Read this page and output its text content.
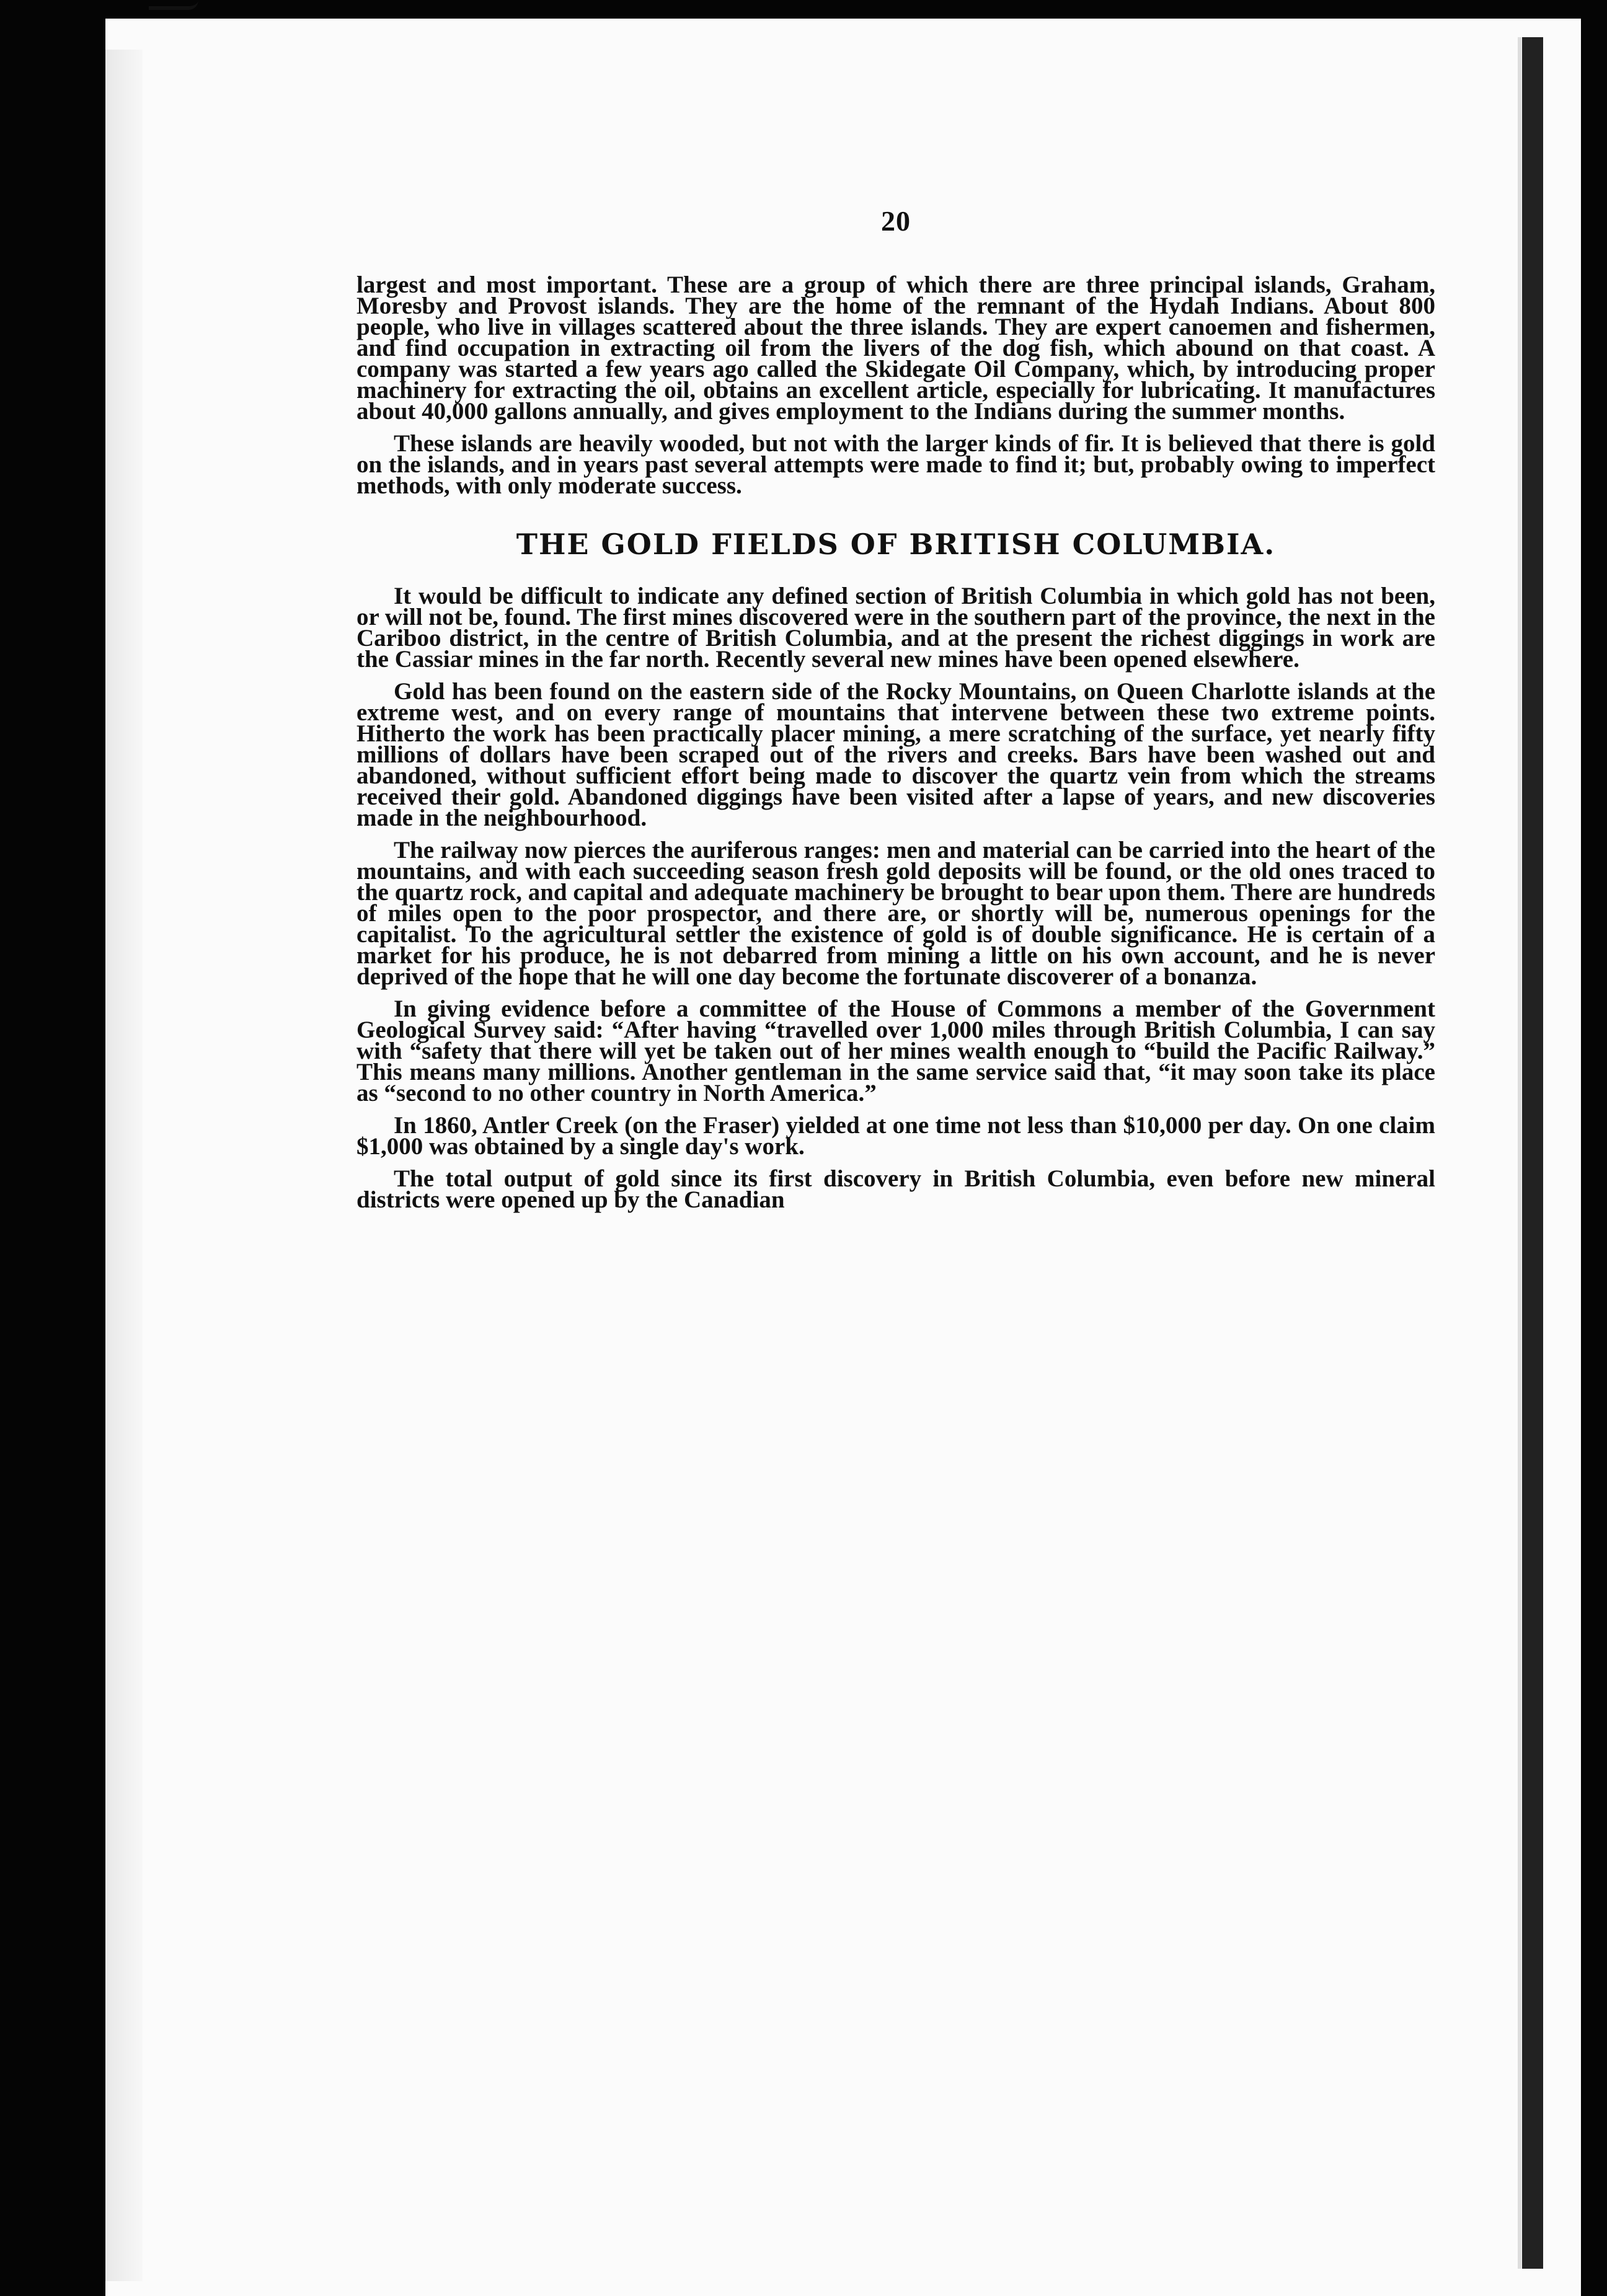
20

largest and most important. These are a group of which there are three principal islands, Graham, Moresby and Provost islands. They are the home of the remnant of the Hydah Indians. About 800 people, who live in villages scattered about the three islands. They are expert canoemen and fishermen, and find occupation in extracting oil from the livers of the dog fish, which abound on that coast. A company was started a few years ago called the Skidegate Oil Company, which, by introducing proper machinery for extracting the oil, obtains an excellent article, especially for lubricating. It manufactures about 40,000 gallons annually, and gives employment to the Indians during the summer months.

These islands are heavily wooded, but not with the larger kinds of fir. It is believed that there is gold on the islands, and in years past several attempts were made to find it; but, probably owing to imperfect methods, with only moderate success.

THE GOLD FIELDS OF BRITISH COLUMBIA.

It would be difficult to indicate any defined section of British Columbia in which gold has not been, or will not be, found. The first mines discovered were in the southern part of the province, the next in the Cariboo district, in the centre of British Columbia, and at the present the richest diggings in work are the Cassiar mines in the far north. Recently several new mines have been opened elsewhere.

Gold has been found on the eastern side of the Rocky Mountains, on Queen Charlotte islands at the extreme west, and on every range of mountains that intervene between these two extreme points. Hitherto the work has been practically placer mining, a mere scratching of the surface, yet nearly fifty millions of dollars have been scraped out of the rivers and creeks. Bars have been washed out and abandoned, without sufficient effort being made to discover the quartz vein from which the streams received their gold. Abandoned diggings have been visited after a lapse of years, and new discoveries made in the neighbourhood.

The railway now pierces the auriferous ranges: men and material can be carried into the heart of the mountains, and with each succeeding season fresh gold deposits will be found, or the old ones traced to the quartz rock, and capital and adequate machinery be brought to bear upon them. There are hundreds of miles open to the poor prospector, and there are, or shortly will be, numerous openings for the capitalist. To the agricultural settler the existence of gold is of double significance. He is certain of a market for his produce, he is not debarred from mining a little on his own account, and he is never deprived of the hope that he will one day become the fortunate discoverer of a bonanza.

In giving evidence before a committee of the House of Commons a member of the Government Geological Survey said: “After having “travelled over 1,000 miles through British Columbia, I can say with “safety that there will yet be taken out of her mines wealth enough to “build the Pacific Railway.” This means many millions. Another gentleman in the same service said that, “it may soon take its place as “second to no other country in North America.”

In 1860, Antler Creek (on the Fraser) yielded at one time not less than $10,000 per day. On one claim $1,000 was obtained by a single day's work.

The total output of gold since its first discovery in British Columbia, even before new mineral districts were opened up by the Canadian
